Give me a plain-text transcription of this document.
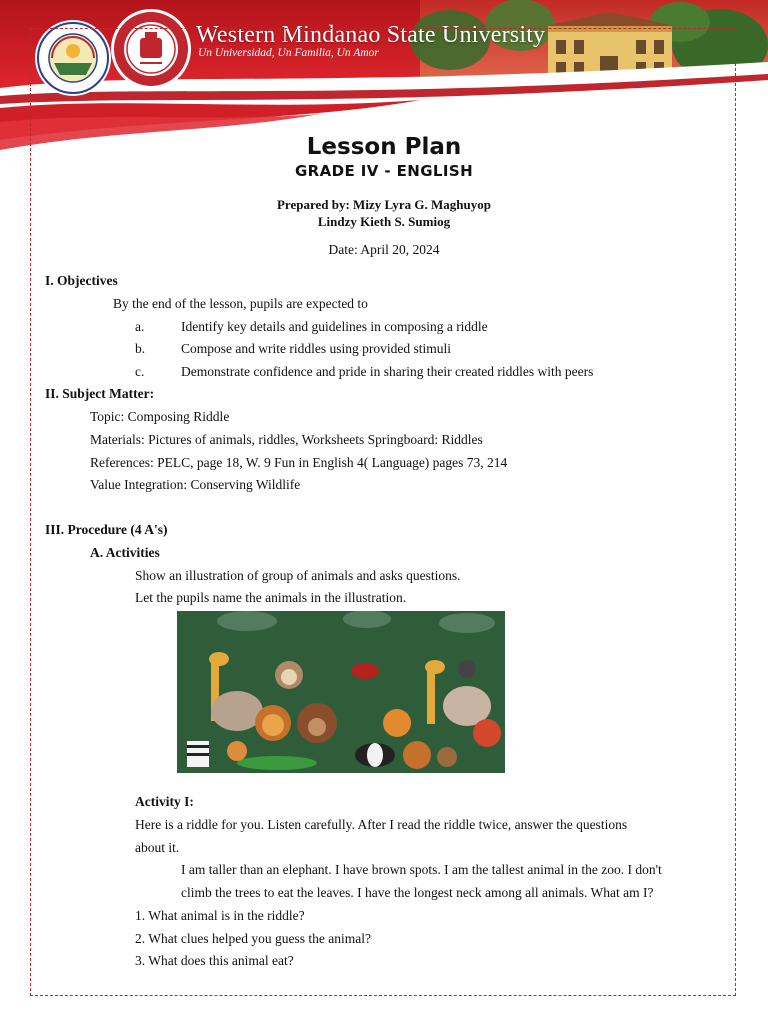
Western Mindanao State University
Un Universidad, Un Familia, Un Amor
Lesson Plan
GRADE IV - ENGLISH
Prepared by: Mizy Lyra G. Maghuyop
Lindzy Kieth S. Sumiog
Date: April 20, 2024
I. Objectives
By the end of the lesson, pupils are expected to
a.	Identify key details and guidelines in composing a riddle
b.	Compose and write riddles using provided stimuli
c.	Demonstrate confidence and pride in sharing their created riddles with peers
II. Subject Matter:
Topic: Composing Riddle
Materials: Pictures of animals, riddles, Worksheets Springboard: Riddles
References: PELC, page 18, W. 9 Fun in English 4( Language) pages 73, 214
Value Integration: Conserving Wildlife
III. Procedure (4 A's)
A. Activities
Show an illustration of group of animals and asks questions.
Let the pupils name the animals in the illustration.
Activity I:
Here is a riddle for you. Listen carefully. After I read the riddle twice, answer the questions
about it.
I am taller than an elephant. I have brown spots. I am the tallest animal in the zoo. I don't
climb the trees to eat the leaves. I have the longest neck among all animals. What am I?
1. What animal is in the riddle?
2. What clues helped you guess the animal?
3. What does this animal eat?
